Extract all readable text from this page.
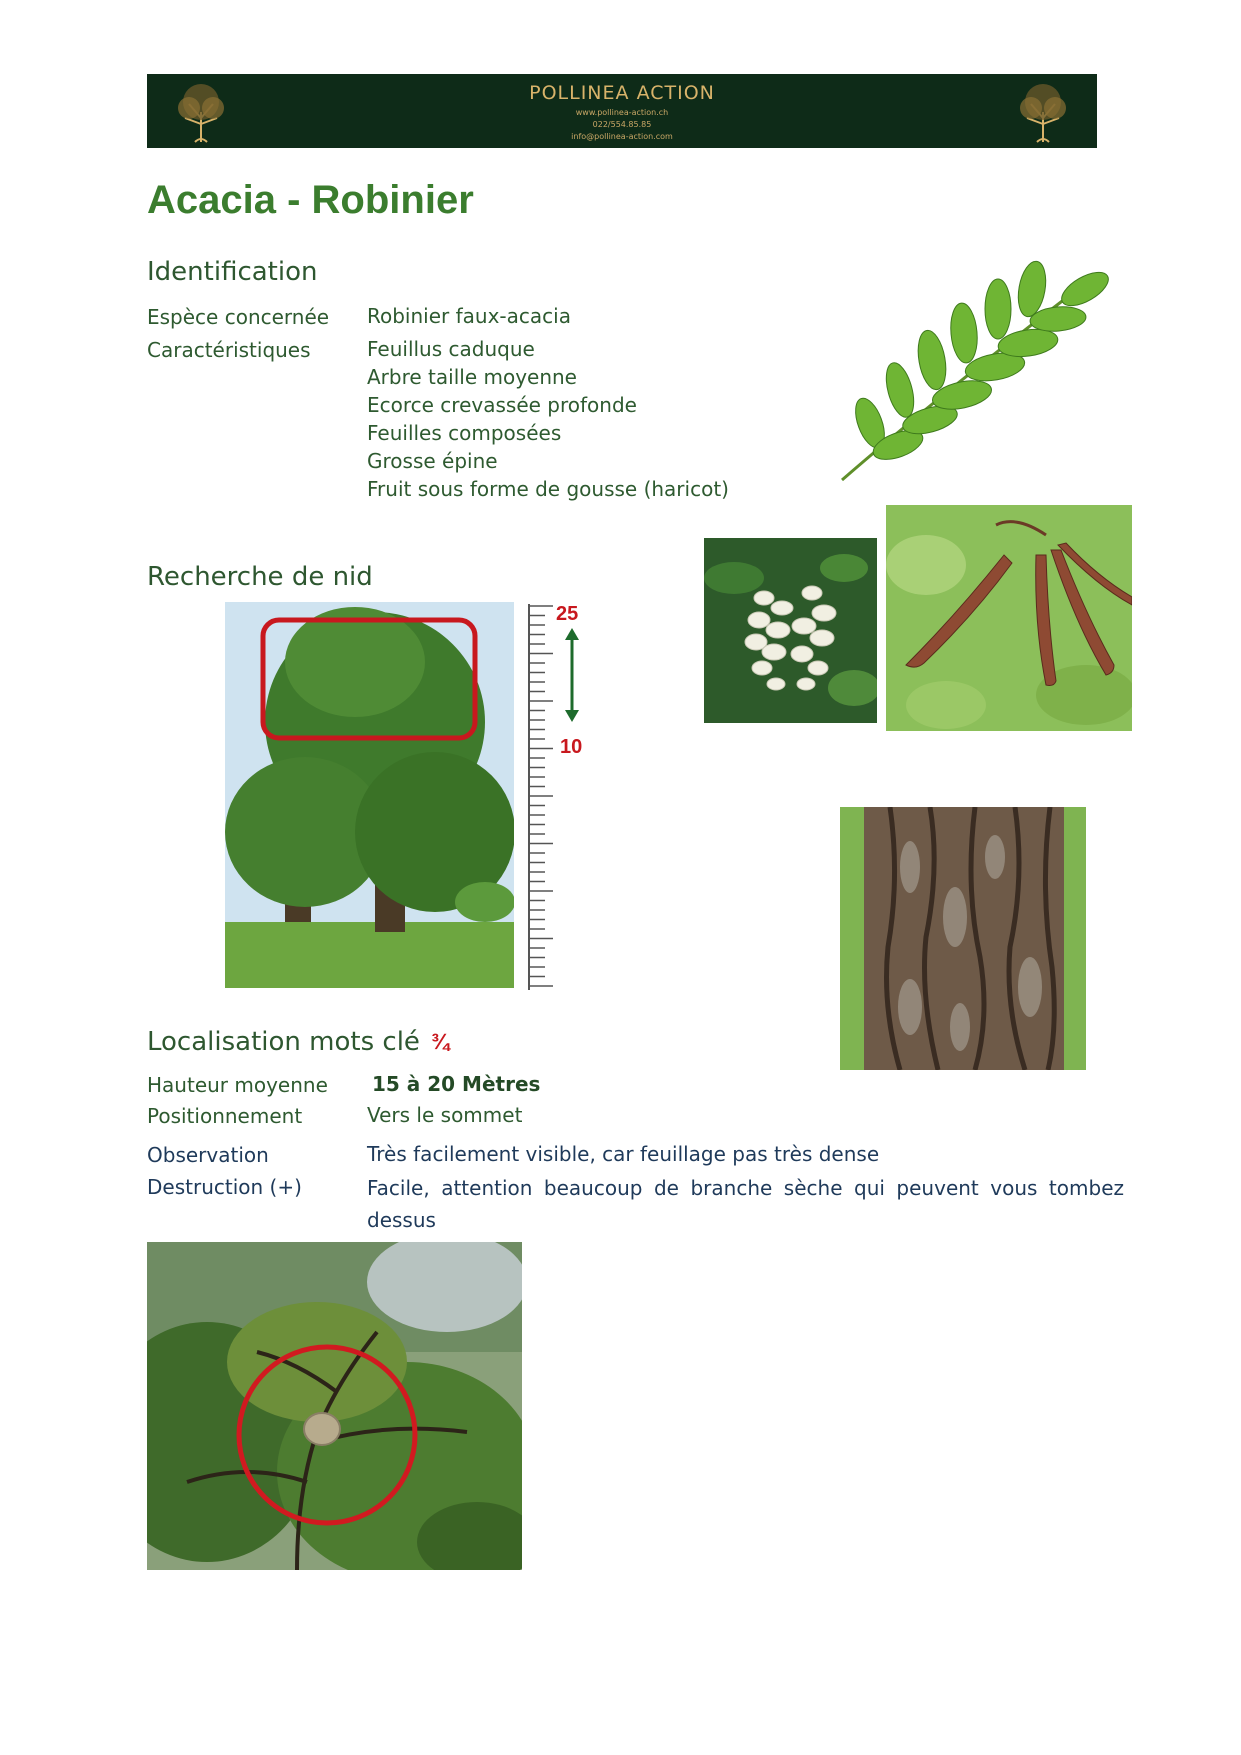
POLLINEA ACTION
www.pollinea-action.ch
022/554.85.85
info@pollinea-action.com
Acacia - Robinier
Identification
Espèce concernée Robinier faux-acacia
Caractéristiques	Feuillus caduque
Arbre taille moyenne
Ecorce crevassée profonde
Feuilles composées
Grosse épine
Fruit sous forme de gousse (haricot)
Recherche de nid
25
10
Localisation mots clé ¾
Hauteur moyenne 15 à 20 Mètres
Positionnement	Vers le sommet
Observation	Très facilement visible, car feuillage pas très dense
Destruction (+)	Facile, attention beaucoup de branche sèche qui peuvent vous tombez dessus
